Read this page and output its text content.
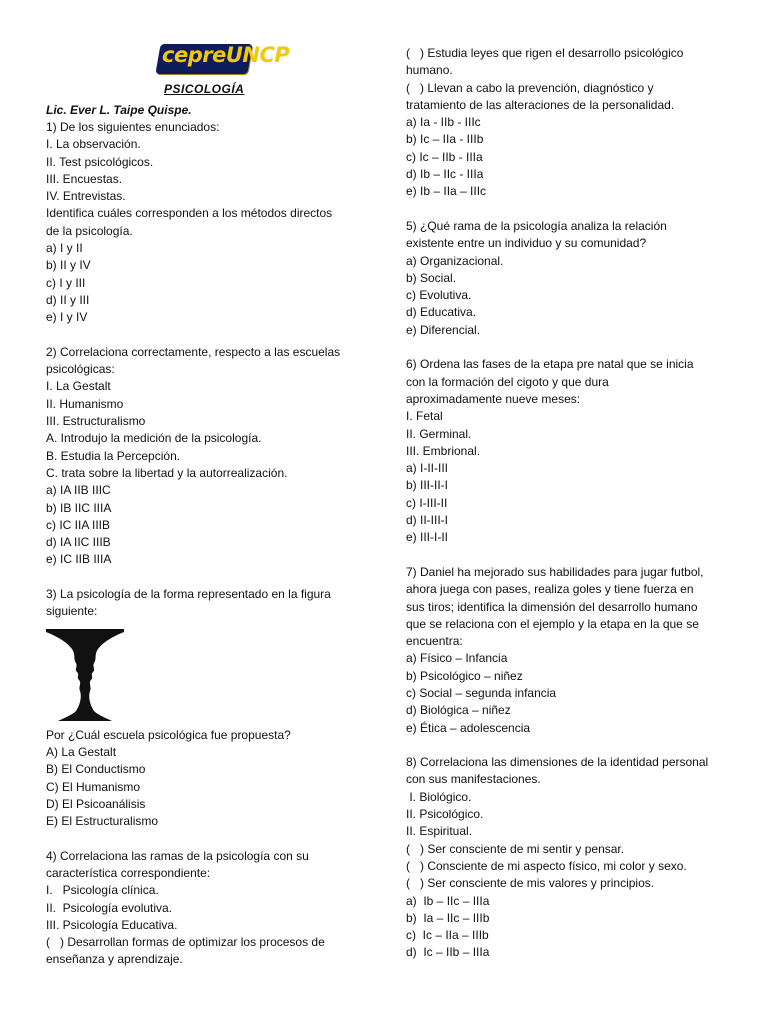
cepreUNCP
PSICOLOGÍA
Lic. Ever L. Taipe Quispe.
1) De los siguientes enunciados:
I. La observación.
II. Test psicológicos.
III. Encuestas.
IV. Entrevistas.
Identifica cuáles corresponden a los métodos directos
de la psicología.
a) I y II
b) II y IV
c) I y III
d) II y III
e) I y IV
2) Correlaciona correctamente, respecto a las escuelas
psicológicas:
I. La Gestalt
II. Humanismo
III. Estructuralismo
A. Introdujo la medición de la psicología.
B. Estudia la Percepción.
C. trata sobre la libertad y la autorrealización.
a) IA IIB IIIC
b) IB IIC IIIA
c) IC IIA IIIB
d) IA IIC IIIB
e) IC IIB IIIA
3) La psicología de la forma representado en la figura
siguiente:
Por ¿Cuál escuela psicológica fue propuesta?
A) La Gestalt
B) El Conductismo
C) El Humanismo
D) El Psicoanálisis
E) El Estructuralismo
4) Correlaciona las ramas de la psicología con su
característica correspondiente:
I.   Psicología clínica.
II.  Psicología evolutiva.
III. Psicología Educativa.
(   ) Desarrollan formas de optimizar los procesos de
enseñanza y aprendizaje.
(   ) Estudia leyes que rigen el desarrollo psicológico
humano.
(   ) Llevan a cabo la prevención, diagnóstico y
tratamiento de las alteraciones de la personalidad.
a) Ia - IIb - IIIc
b) Ic – IIa - IIIb
c) Ic – IIb - IIIa
d) Ib – IIc - IIIa
e) Ib – IIa – IIIc
5) ¿Qué rama de la psicología analiza la relación
existente entre un individuo y su comunidad?
a) Organizacional.
b) Social.
c) Evolutiva.
d) Educativa.
e) Diferencial.
6) Ordena las fases de la etapa pre natal que se inicia
con la formación del cigoto y que dura
aproximadamente nueve meses:
I. Fetal
II. Germinal.
III. Embrional.
a) I-II-III
b) III-II-I
c) I-III-II
d) II-III-I
e) III-I-II
7) Daniel ha mejorado sus habilidades para jugar futbol,
ahora juega con pases, realiza goles y tiene fuerza en
sus tiros; identifica la dimensión del desarrollo humano
que se relaciona con el ejemplo y la etapa en la que se
encuentra:
a) Físico – Infancia
b) Psicológico – niñez
c) Social – segunda infancia
d) Biológica – niñez
e) Ética – adolescencia
8) Correlaciona las dimensiones de la identidad personal
con sus manifestaciones.
I. Biológico.
II. Psicológico.
II. Espiritual.
(   ) Ser consciente de mi sentir y pensar.
(   ) Consciente de mi aspecto físico, mi color y sexo.
(   ) Ser consciente de mis valores y principios.
a)  Ib – IIc – IIIa
b)  Ia – IIc – IIIb
c)  Ic – IIa – IIIb
d)  Ic – IIb – IIIa
